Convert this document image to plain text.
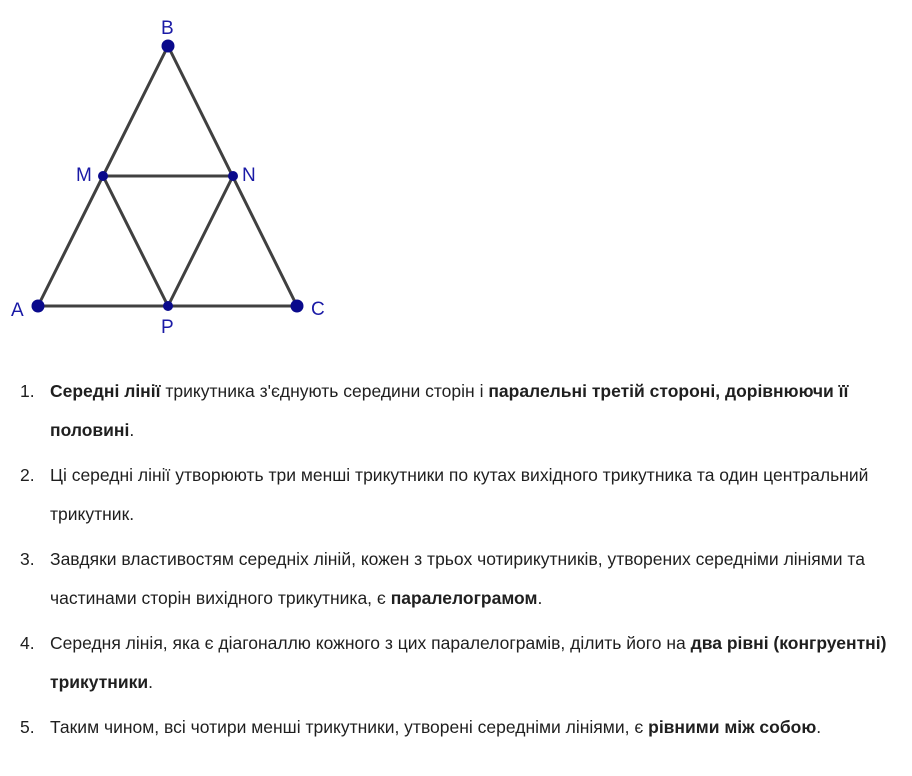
B
M	N
A	C
P
1. Середні лінії трикутника з'єднують середини сторін і паралельні третій стороні, дорівнюючи її половині.
2. Ці середні лінії утворюють три менші трикутники по кутах вихідного трикутника та один центральний трикутник.
3. Завдяки властивостям середніх ліній, кожен з трьох чотирикутників, утворених середніми лініями та частинами сторін вихідного трикутника, є паралелограмом.
4. Середня лінія, яка є діагоналлю кожного з цих паралелограмів, ділить його на два рівні (конгруентні) трикутники.
5. Таким чином, всі чотири менші трикутники, утворені середніми лініями, є рівними між собою.
